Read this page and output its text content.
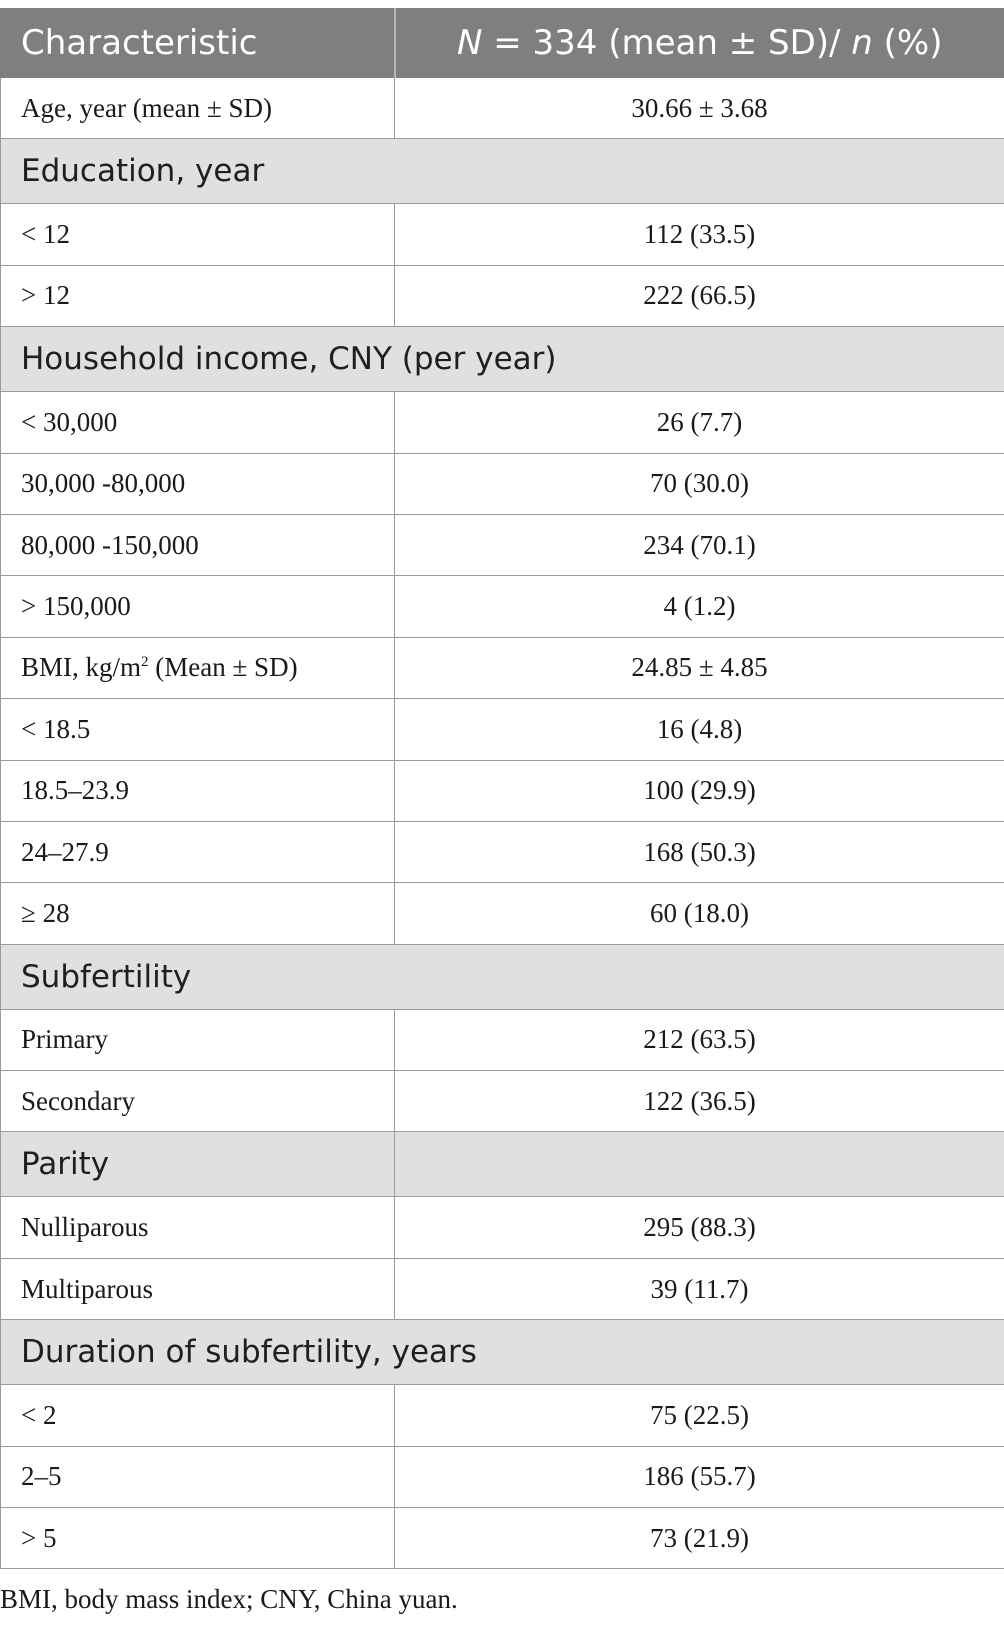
Characteristic	N = 334 (mean ± SD)/ n (%)
Age, year (mean ± SD)	30.66 ± 3.68
Education, year	
< 12	112 (33.5)
> 12	222 (66.5)
Household income, CNY (per year)	
< 30,000	26 (7.7)
30,000 -80,000	70 (30.0)
80,000 -150,000	234 (70.1)
> 150,000	4 (1.2)
BMI, $kg/m^2$ (Mean ± SD)	24.85 ± 4.85
< 18.5	16 (4.8)
18.5–23.9	100 (29.9)
24–27.9	168 (50.3)
≥ 28	60 (18.0)
Subfertility	
Primary	212 (63.5)
Secondary	122 (36.5)
Parity	
Nulliparous	295 (88.3)
Multiparous	39 (11.7)
Duration of subfertility, years	
< 2	75 (22.5)
2–5	186 (55.7)
> 5	73 (21.9)
BMI, body mass index; CNY, China yuan.
